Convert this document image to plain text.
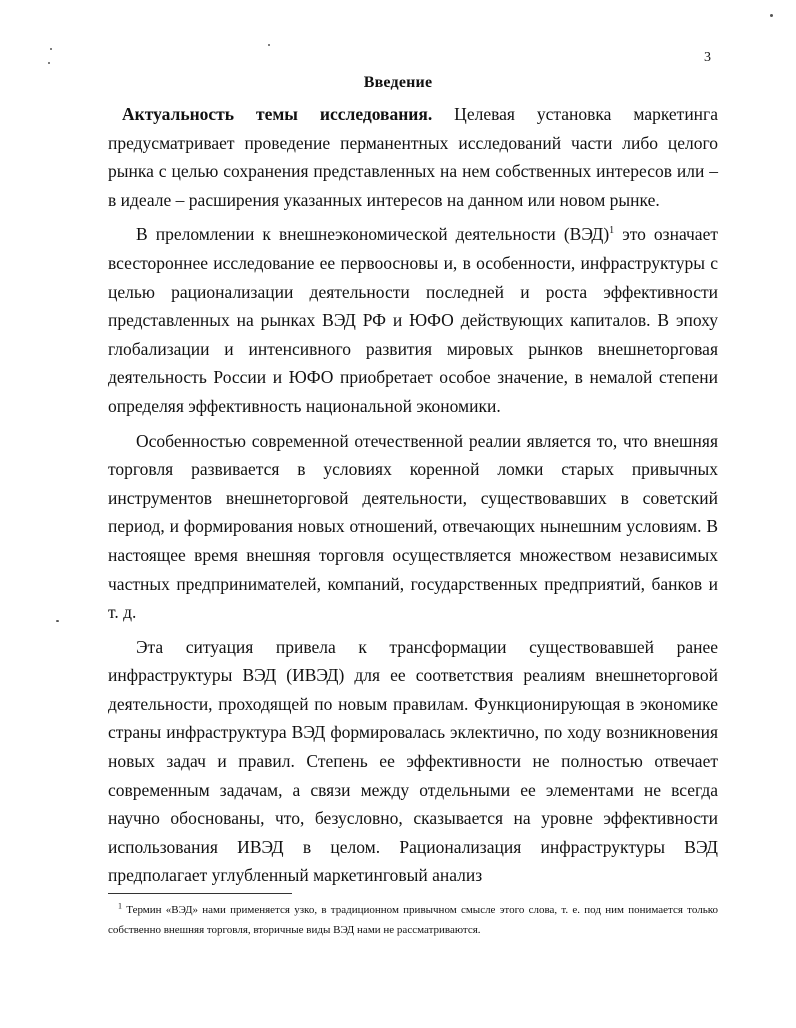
3
Введение

Актуальность темы исследования. Целевая установка маркетинга предусматривает проведение перманентных исследований части либо целого рынка с целью сохранения представленных на нем собственных интересов или – в идеале – расширения указанных интересов на данном или новом рынке.

В преломлении к внешнеэкономической деятельности (ВЭД)$^1$ это означает всестороннее исследование ее первоосновы и, в особенности, инфраструктуры с целью рационализации деятельности последней и роста эффективности представленных на рынках ВЭД РФ и ЮФО действующих капиталов. В эпоху глобализации и интенсивного развития мировых рынков внешнеторговая деятельность России и ЮФО приобретает особое значение, в немалой степени определяя эффективность национальной экономики.

Особенностью современной отечественной реалии является то, что внешняя торговля развивается в условиях коренной ломки старых привычных инструментов внешнеторговой деятельности, существовавших в советский период, и формирования новых отношений, отвечающих нынешним условиям. В настоящее время внешняя торговля осуществляется множеством независимых частных предпринимателей, компаний, государственных предприятий, банков и т. д.

Эта ситуация привела к трансформации существовавшей ранее инфраструктуры ВЭД (ИВЭД) для ее соответствия реалиям внешнеторговой деятельности, проходящей по новым правилам. Функционирующая в экономике страны инфраструктура ВЭД формировалась эклектично, по ходу возникновения новых задач и правил. Степень ее эффективности не полностью отвечает современным задачам, а связи между отдельными ее элементами не всегда научно обоснованы, что, безусловно, сказывается на уровне эффективности использования ИВЭД в целом. Рационализация инфраструктуры ВЭД предполагает углубленный маркетинговый анализ

$^1$ Термин «ВЭД» нами применяется узко, в традиционном привычном смысле этого слова, т. е. под ним понимается только собственно внешняя торговля, вторичные виды ВЭД нами не рассматриваются.
